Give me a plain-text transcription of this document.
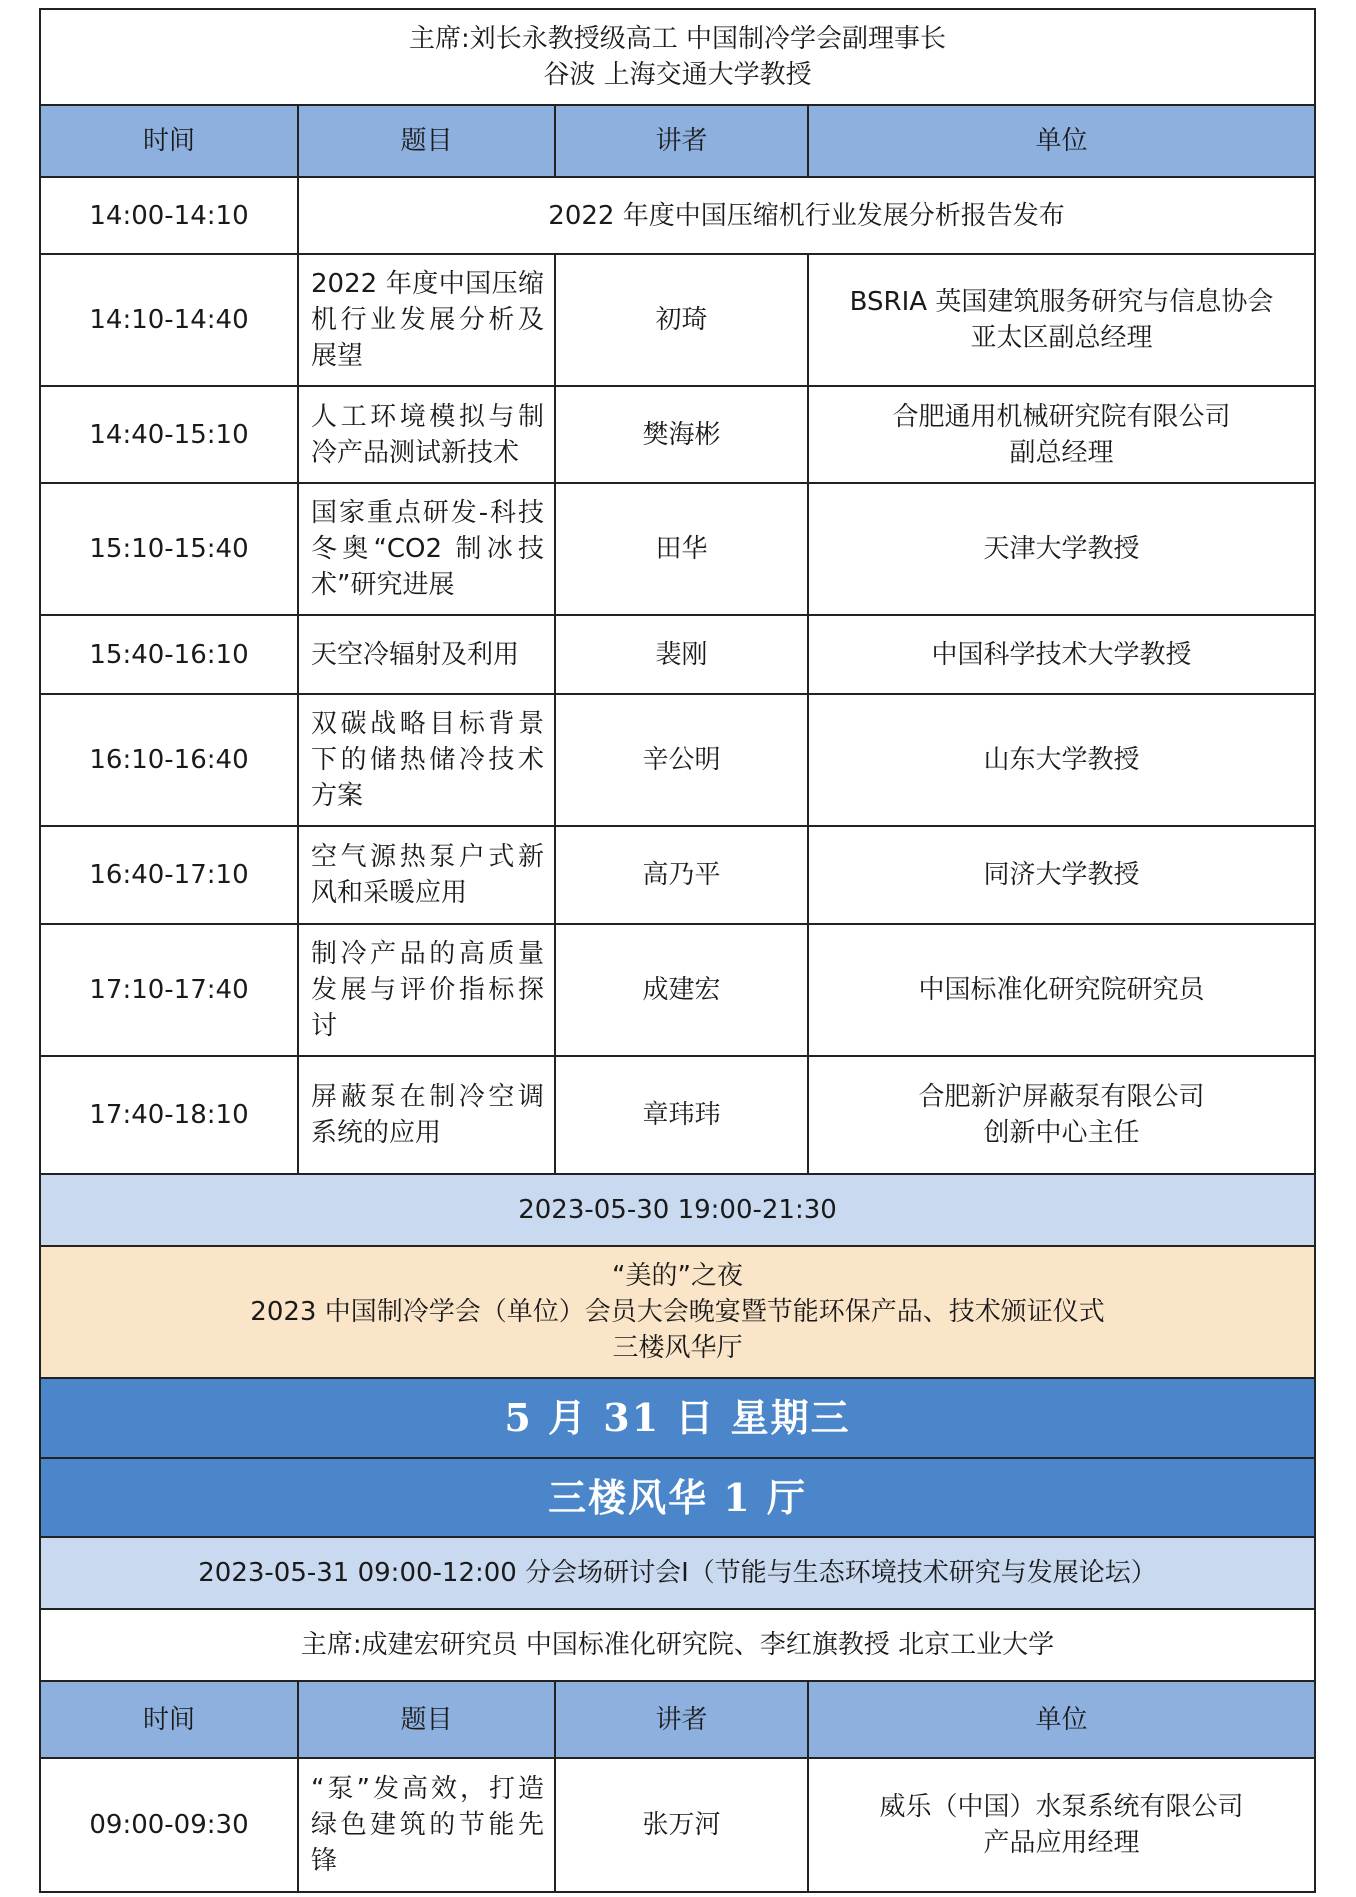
主席:刘长永教授级高工 中国制冷学会副理事长
谷波 上海交通大学教授			

时间	题目	讲者	单位
14:00-14:10	2022 年度中国压缩机行业发展分析报告发布		
14:10-14:40	2022 年度中国压缩机行业发展分析及展望	初琦	BSRIA 英国建筑服务研究与信息协会
亚太区副总经理

14:40-15:10	人工环境模拟与制冷产品测试新技术	樊海彬	合肥通用机械研究院有限公司
副总经理

15:10-15:40	国家重点研发-科技冬奥“CO2 制冰技术”研究进展	田华	天津大学教授
15:40-16:10	天空冷辐射及利用	裴刚	中国科学技术大学教授
16:10-16:40	双碳战略目标背景下的储热储冷技术方案	辛公明	山东大学教授
16:40-17:10	空气源热泵户式新风和采暖应用	高乃平	同济大学教授
17:10-17:40	制冷产品的高质量发展与评价指标探讨	成建宏	中国标准化研究院研究员
17:40-18:10	屏蔽泵在制冷空调系统的应用	章玮玮	合肥新沪屏蔽泵有限公司
创新中心主任

2023-05-30 19:00-21:30			

“美的”之夜
2023 中国制冷学会（单位）会员大会晚宴暨节能环保产品、技术颁证仪式
三楼风华厅			

5 月 31 日 星期三			
三楼风华 1 厅			
2023-05-31 09:00-12:00 分会场研讨会Ⅰ（节能与生态环境技术研究与发展论坛）			
主席:成建宏研究员 中国标准化研究院、李红旗教授 北京工业大学			
时间	题目	讲者	单位
09:00-09:30	“泵”发高效，打造绿色建筑的节能先锋	张万河	威乐（中国）水泵系统有限公司
产品应用经理
